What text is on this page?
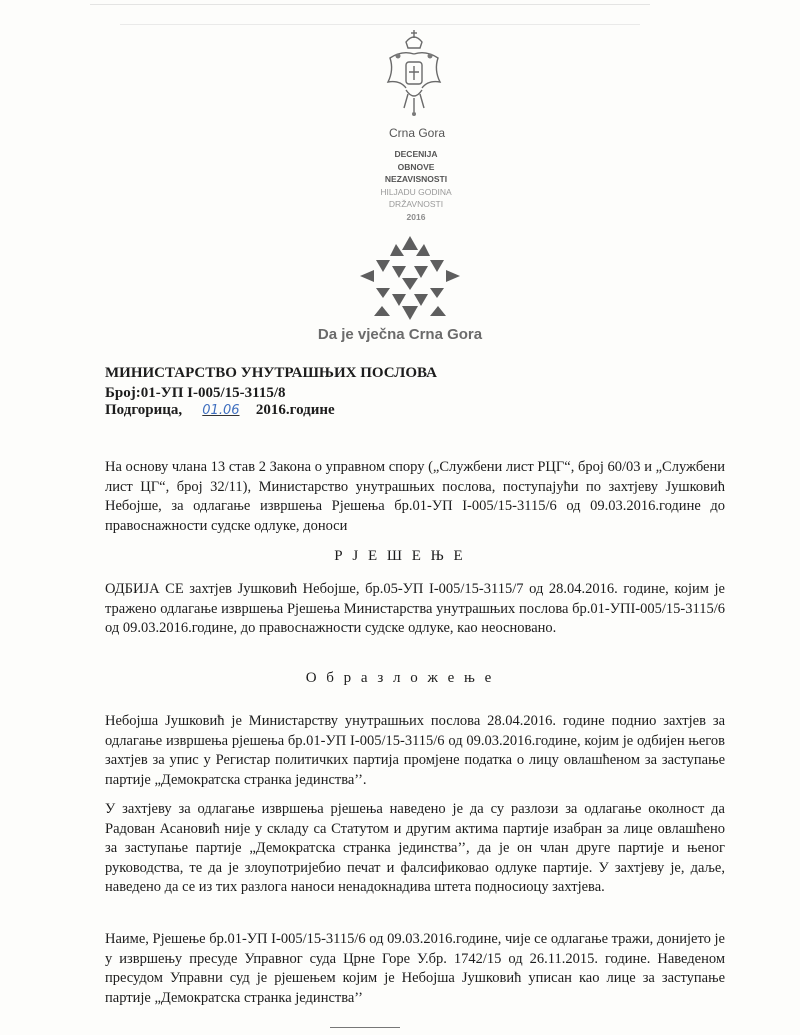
Crna Gora
DECENIJA
OBNOVE
NEZAVISNOSTI
HILJADU GODINA
DRŽAVNOSTI
2016
Da je vječna Crna Gora
МИНИСТАРСТВО УНУТРАШЊИХ ПОСЛОВА
Број:01-УП I-005/15-3115/8
Подгорица, 01.06 2016.године
На основу члана 13 став 2 Закона о управном спору („Службени лист РЦГ“, број 60/03 и „Службени лист ЦГ“, број 32/11), Министарство унутрашњих послова, поступајући по захтјеву Јушковић Небојше, за одлагање извршења Рјешења бр.01-УП I-005/15-3115/6 од 09.03.2016.године до правоснажности судске одлуке, доноси
Р Ј Е Ш Е Њ Е
ОДБИЈА СЕ захтјев Јушковић Небојше, бр.05-УП I-005/15-3115/7 од 28.04.2016. године, којим је тражено одлагање извршења Рјешења Министарства унутрашњих послова бр.01-УПI-005/15-3115/6 од 09.03.2016.године, до правоснажности судске одлуке, као неосновано.
О б р а з л о ж е њ е
Небојша Јушковић је Министарству унутрашњих послова 28.04.2016. године поднио захтјев за одлагање извршења рјешења бр.01-УП I-005/15-3115/6 од 09.03.2016.године, којим је одбијен његов захтјев за упис у Регистар политичких партија промјене податка о лицу овлашћеном за заступање партије „Демократска странка јединства’’.
У захтјеву за одлагање извршења рјешења наведено је да су разлози за одлагање околност да Радован Асановић није у складу са Статутом и другим актима партије изабран за лице овлашћено за заступање партије „Демократска странка јединства’’, да је он члан друге партије и њеног руководства, те да је злоупотријебио печат и фалсификовао одлуке партије. У захтјеву је, даље, наведено да се из тих разлога наноси ненадокнадива штета подносиоцу захтјева.
Наиме, Рјешење бр.01-УП I-005/15-3115/6 од 09.03.2016.године, чије се одлагање тражи, донијето је у извршењу пресуде Управног суда Црне Горе У.бр. 1742/15 од 26.11.2015. године. Наведеном пресудом Управни суд је рјешењем којим је Небојша Јушковић уписан као лице за заступање партије „Демократска странка јединства’’
